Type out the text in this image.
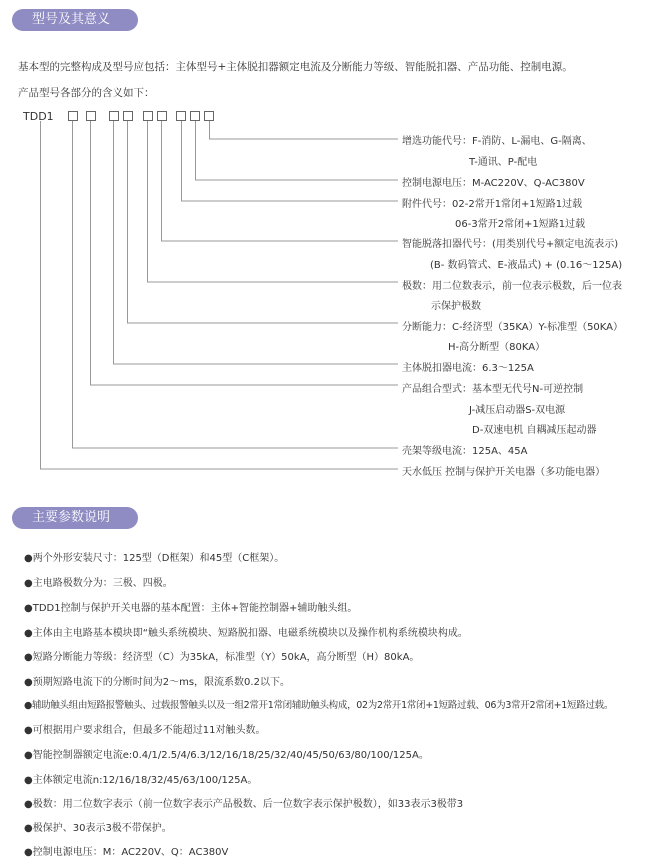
型号及其意义
基本型的完整构成及型号应包括：主体型号+主体脱扣器额定电流及分断能力等级、智能脱扣器、产品功能、控制电源。
产品型号各部分的含义如下：
TDD1
增选功能代号：F-消防、L-漏电、G-隔离、
T-通讯、P-配电
控制电源电压：M-AC220V、Q-AC380V
附件代号：02-2常开1常闭+1短路1过载
06-3常开2常闭+1短路1过载
智能脱落扣器代号：(用类别代号+额定电流表示)
(B- 数码管式、E-液晶式) + (0.16～125A)
极数：用二位数表示，前一位表示极数，后一位表
示保护极数
分断能力：C-经济型（35KA）Y-标准型（50KA）
H-高分断型（80KA）
主体脱扣器电流：6.3～125A
产品组合型式：基本型无代号N-可逆控制
J-减压启动器S-双电源
D-双速电机 自耦减压起动器
壳架等级电流：125A、45A
天水低压 控制与保护开关电器（多功能电器）
主要参数说明
●两个外形安装尺寸：125型（D框架）和45型（C框架）。
●主电路极数分为：三极、四极。
●TDD1控制与保护开关电器的基本配置：主体+智能控制器+辅助触头组。
●主体由主电路基本模块即“触头系统模块、短路脱扣器、电磁系统模块以及操作机构系统模块构成。
●短路分断能力等级：经济型（C）为35kA，标准型（Y）50kA，高分断型（H）80kA。
●预期短路电流下的分断时间为2～ms，限流系数0.2以下。
●辅助触头组由短路报警触头、过载报警触头以及一组2常开1常闭辅助触头构成，02为2常开1常闭+1短路过载、06为3常开2常闭+1短路过载。
●可根据用户要求组合，但最多不能超过11对触头数。
●智能控制器额定电流e:0.4/1/2.5/4/6.3/12/16/18/25/32/40/45/50/63/80/100/125A。
●主体额定电流n:12/16/18/32/45/63/100/125A。
●极数：用二位数字表示（前一位数字表示产品极数、后一位数字表示保护极数），如33表示3极带3
●极保护、30表示3极不带保护。
●控制电源电压：M：AC220V、Q：AC380V
